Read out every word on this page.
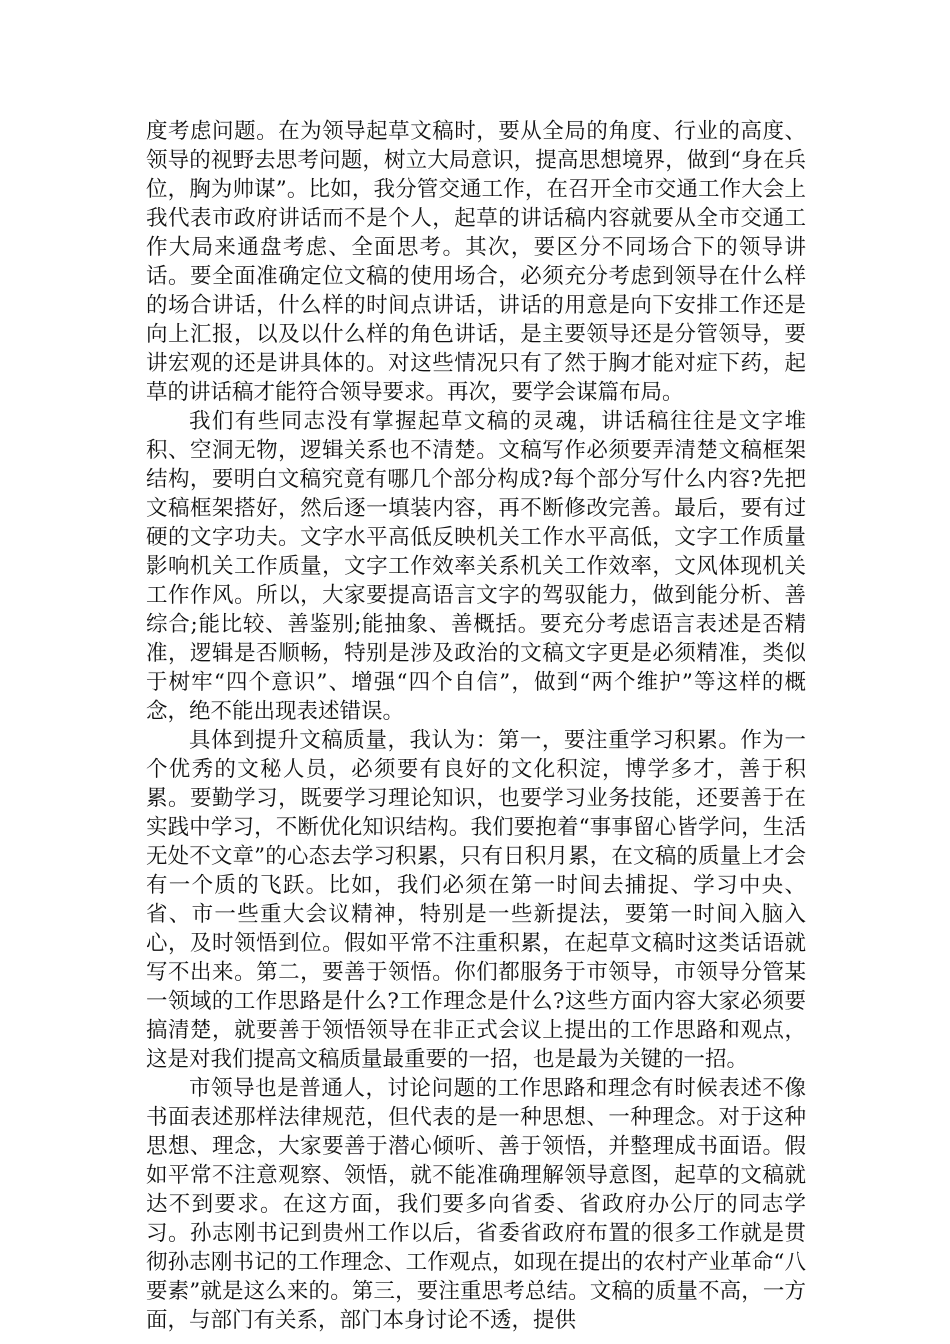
度考虑问题。在为领导起草文稿时，要从全局的角度、行业的高度、领导的视野去思考问题，树立大局意识，提高思想境界，做到“身在兵位，胸为帅谋”。比如，我分管交通工作，在召开全市交通工作大会上我代表市政府讲话而不是个人，起草的讲话稿内容就要从全市交通工作大局来通盘考虑、全面思考。其次，要区分不同场合下的领导讲话。要全面准确定位文稿的使用场合，必须充分考虑到领导在什么样的场合讲话，什么样的时间点讲话，讲话的用意是向下安排工作还是向上汇报，以及以什么样的角色讲话，是主要领导还是分管领导，要讲宏观的还是讲具体的。对这些情况只有了然于胸才能对症下药，起草的讲话稿才能符合领导要求。再次，要学会谋篇布局。

我们有些同志没有掌握起草文稿的灵魂，讲话稿往往是文字堆积、空洞无物，逻辑关系也不清楚。文稿写作必须要弄清楚文稿框架结构，要明白文稿究竟有哪几个部分构成?每个部分写什么内容?先把文稿框架搭好，然后逐一填装内容，再不断修改完善。最后，要有过硬的文字功夫。文字水平高低反映机关工作水平高低，文字工作质量影响机关工作质量，文字工作效率关系机关工作效率，文风体现机关工作作风。所以，大家要提高语言文字的驾驭能力，做到能分析、善综合;能比较、善鉴别;能抽象、善概括。要充分考虑语言表述是否精准，逻辑是否顺畅，特别是涉及政治的文稿文字更是必须精准，类似于树牢“四个意识”、增强“四个自信”，做到“两个维护”等这样的概念，绝不能出现表述错误。

具体到提升文稿质量，我认为：第一，要注重学习积累。作为一个优秀的文秘人员，必须要有良好的文化积淀，博学多才，善于积累。要勤学习，既要学习理论知识，也要学习业务技能，还要善于在实践中学习，不断优化知识结构。我们要抱着“事事留心皆学问，生活无处不文章”的心态去学习积累，只有日积月累，在文稿的质量上才会有一个质的飞跃。比如，我们必须在第一时间去捕捉、学习中央、省、市一些重大会议精神，特别是一些新提法，要第一时间入脑入心，及时领悟到位。假如平常不注重积累，在起草文稿时这类话语就写不出来。第二，要善于领悟。你们都服务于市领导，市领导分管某一领域的工作思路是什么?工作理念是什么?这些方面内容大家必须要搞清楚，就要善于领悟领导在非正式会议上提出的工作思路和观点，这是对我们提高文稿质量最重要的一招，也是最为关键的一招。

市领导也是普通人，讨论问题的工作思路和理念有时候表述不像书面表述那样法律规范，但代表的是一种思想、一种理念。对于这种思想、理念，大家要善于潜心倾听、善于领悟，并整理成书面语。假如平常不注意观察、领悟，就不能准确理解领导意图，起草的文稿就达不到要求。在这方面，我们要多向省委、省政府办公厅的同志学习。孙志刚书记到贵州工作以后，省委省政府布置的很多工作就是贯彻孙志刚书记的工作理念、工作观点，如现在提出的农村产业革命“八要素”就是这么来的。第三，要注重思考总结。文稿的质量不高，一方面，与部门有关系，部门本身讨论不透，提供
